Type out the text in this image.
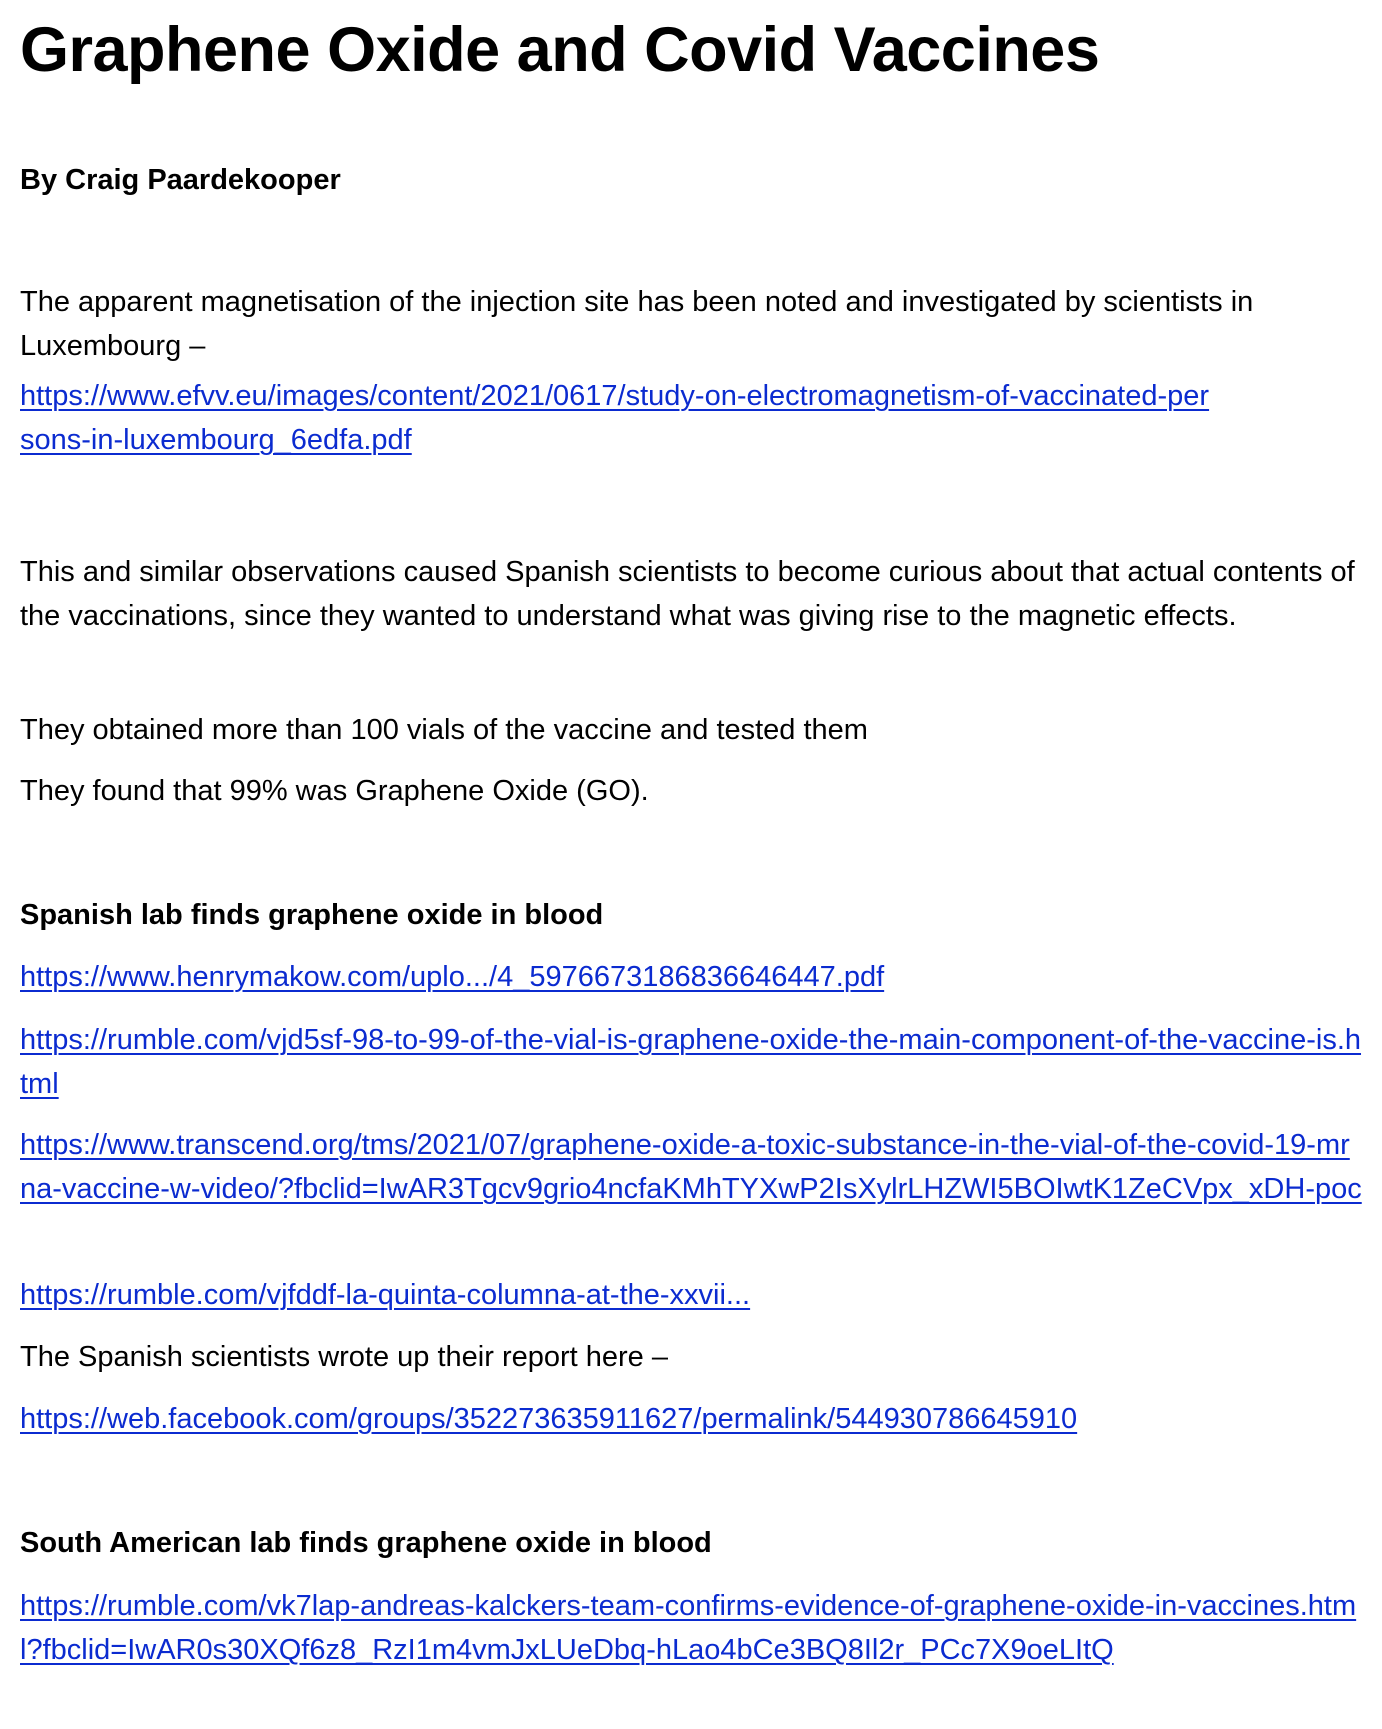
Graphene Oxide and Covid Vaccines

By Craig Paardekooper

The apparent magnetisation of the injection site has been noted and investigated by scientists in Luxembourg –

https://www.efvv.eu/images/content/2021/0617/study-on-electromagnetism-of-vaccinated-persons-in-luxembourg_6edfa.pdf

This and similar observations caused Spanish scientists to become curious about that actual contents of the vaccinations, since they wanted to understand what was giving rise to the magnetic effects.

They obtained more than 100 vials of the vaccine and tested them

They found that 99% was Graphene Oxide (GO).

Spanish lab finds graphene oxide in blood

https://www.henrymakow.com/uplo.../4_5976673186836646447.pdf
https://rumble.com/vjd5sf-98-to-99-of-the-vial-is-graphene-oxide-the-main-component-of-the-vaccine-is.html
https://www.transcend.org/tms/2021/07/graphene-oxide-a-toxic-substance-in-the-vial-of-the-covid-19-mrna-vaccine-w-video/?fbclid=IwAR3Tgcv9grio4ncfaKMhTYXwP2IsXylrLHZWI5BOIwtK1ZeCVpx_xDH-poc
https://rumble.com/vjfddf-la-quinta-columna-at-the-xxvii...

The Spanish scientists wrote up their report here –

https://web.facebook.com/groups/352273635911627/permalink/544930786645910

South American lab finds graphene oxide in blood

https://rumble.com/vk7lap-andreas-kalckers-team-confirms-evidence-of-graphene-oxide-in-vaccines.html?fbclid=IwAR0s30XQf6z8_RzI1m4vmJxLUeDbq-hLao4bCe3BQ8Il2r_PCc7X9oeLItQ
